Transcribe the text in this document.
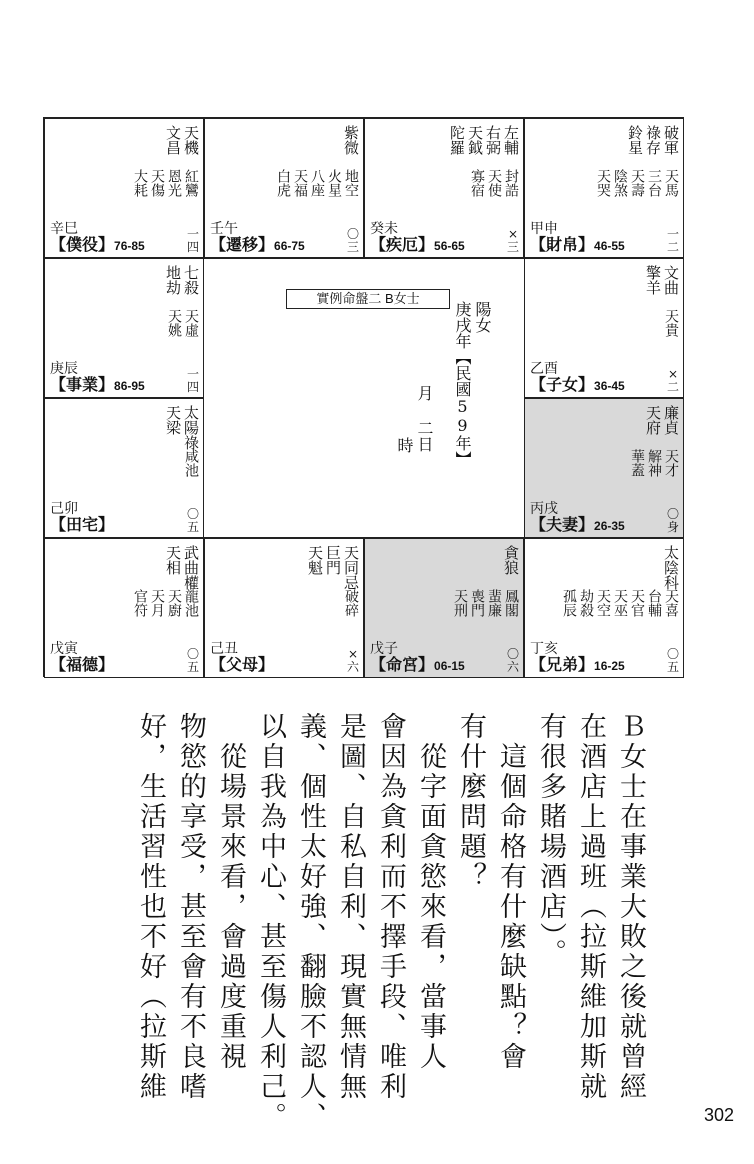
天機
文昌
紅鸞
恩光
天傷
大耗
辛巳
【僕役】76-85
一
四
紫微
地空
火星
八座
天福
白虎
壬午
【遷移】66-75
〇
三
左輔
右弼
天鉞
陀羅
封誥
天使
寡宿
癸未
【疾厄】56-65
×
三
破軍
祿存
鈴星
天馬
三台
天壽
陰煞
天哭
甲申
【財帛】46-55
一
二
七殺
地劫
天虛
天姚
庚辰
【事業】86-95
一
四
文曲
擎羊
天貴
乙酉
【子女】36-45
×
二
太陽祿
天梁
咸池
己卯
【田宅】
〇
五
廉貞
天府
天才
解神
華蓋
丙戌
【夫妻】26-35
〇
身
武曲權
天相
龍池
天廚
天月
官符
戊寅
【福德】
〇
五
天同忌
巨門
天魁
破碎
己丑
【父母】
×
六
貪狼
鳳閣
蜚廉
喪門
天刑
戊子
【命宮】06-15
〇
六
太陰科
天喜
台輔
天官
天巫
天空
劫殺
孤辰
丁亥
【兄弟】16-25
〇
五
實例命盤二 B女士
陽女
庚戌年【民國59年】
月 二日
時
Ｂ女士在事業大敗之後就曾經
在酒店上過班（拉斯維加斯就
有很多賭場酒店）。
　這個命格有什麼缺點？會
有什麼問題？
　從字面貪慾來看，當事人
會因為貪利而不擇手段、唯利
是圖、自私自利、現實無情無
義、個性太好強、翻臉不認人、
以自我為中心、甚至傷人利己。
　從場景來看，會過度重視
物慾的享受，甚至會有不良嗜
好，生活習性也不好（拉斯維
302
